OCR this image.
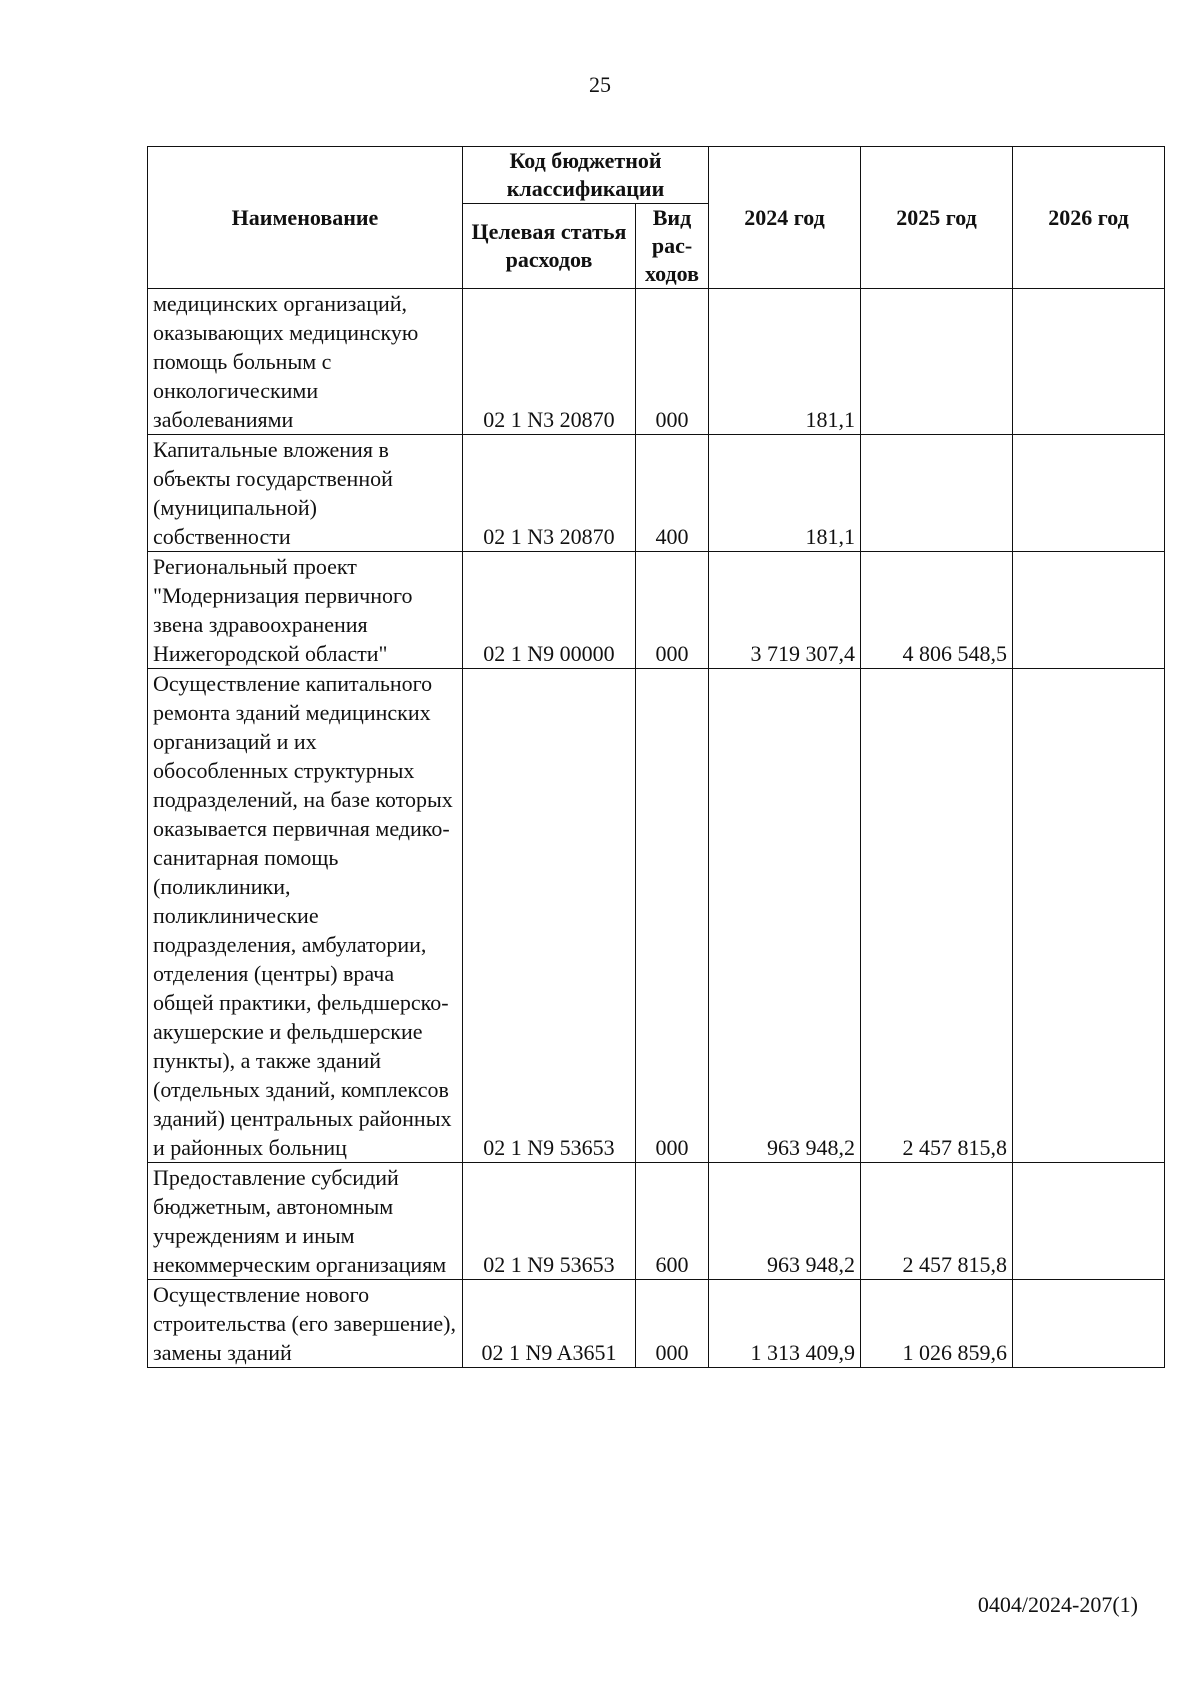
25
Наименование	Код бюджетной классификации		2024 год	2025 год	2026 год
	Целевая статья расходов	Вид рас-ходов			
медицинских организаций, оказывающих медицинскую помощь больным с онкологическими заболеваниями	02 1 N3 20870	000	181,1		
Капитальные вложения в объекты государственной (муниципальной) собственности	02 1 N3 20870	400	181,1		
Региональный проект "Модернизация первичного звена здравоохранения Нижегородской области"	02 1 N9 00000	000	3 719 307,4	4 806 548,5	
Осуществление капитального ремонта зданий медицинских организаций и их обособленных структурных подразделений, на базе которых оказывается первичная медико-санитарная помощь (поликлиники, поликлинические подразделения, амбулатории, отделения (центры) врача общей практики, фельдшерско-акушерские и фельдшерские пункты), а также зданий (отдельных зданий, комплексов зданий) центральных районных и районных больниц	02 1 N9 53653	000	963 948,2	2 457 815,8	
Предоставление субсидий бюджетным, автономным учреждениям и иным некоммерческим организациям	02 1 N9 53653	600	963 948,2	2 457 815,8	
Осуществление нового строительства (его завершение), замены зданий	02 1 N9 A3651	000	1 313 409,9	1 026 859,6	
0404/2024-207(1)
